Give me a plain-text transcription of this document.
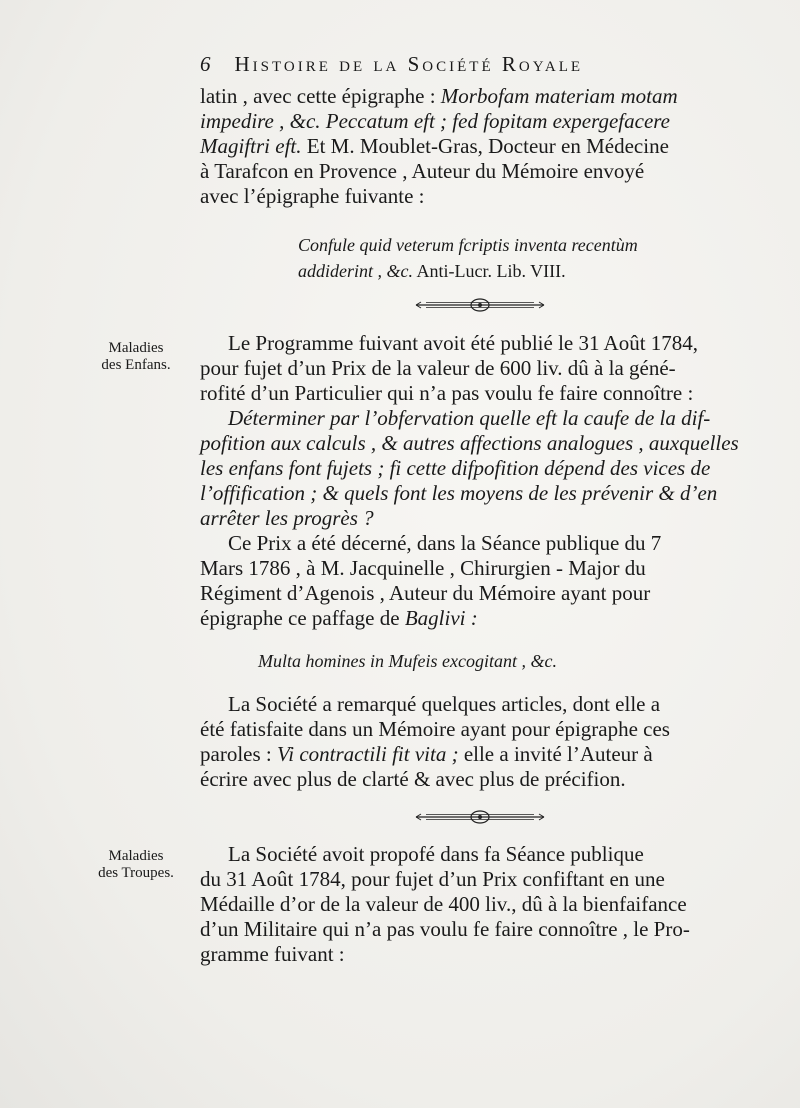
6 Histoire de la Société Royale
latin , avec cette épigraphe : Morbofam materiam motam
impedire , &c. Peccatum eft ; fed fopitam expergefacere
Magiftri eft. Et M. Moublet-Gras, Docteur en Médecine
à Tarafcon en Provence , Auteur du Mémoire envoyé
avec l’épigraphe fuivante :
Confule quid veterum fcriptis inventa recentùm
addiderint , &c. Anti-Lucr. Lib. VIII.
Maladies
des Enfans.
Le Programme fuivant avoit été publié le 31 Août 1784,
pour fujet d’un Prix de la valeur de 600 liv. dû à la géné-
rofité d’un Particulier qui n’a pas voulu fe faire connoître :
Déterminer par l’obfervation quelle eft la caufe de la dif-
pofition aux calculs , & autres affections analogues , auxquelles
les enfans font fujets ; fi cette difpofition dépend des vices de
l’offification ; & quels font les moyens de les prévenir & d’en
arrêter les progrès ?
Ce Prix a été décerné, dans la Séance publique du 7
Mars 1786 , à M. Jacquinelle , Chirurgien - Major du
Régiment d’Agenois , Auteur du Mémoire ayant pour
épigraphe ce paffage de Baglivi :
Multa homines in Mufeis excogitant , &c.
La Société a remarqué quelques articles, dont elle a
été fatisfaite dans un Mémoire ayant pour épigraphe ces
paroles : Vi contractili fit vita ; elle a invité l’Auteur à
écrire avec plus de clarté & avec plus de précifion.
Maladies
des Troupes.
La Société avoit propofé dans fa Séance publique
du 31 Août 1784, pour fujet d’un Prix confiftant en une
Médaille d’or de la valeur de 400 liv., dû à la bienfaifance
d’un Militaire qui n’a pas voulu fe faire connoître , le Pro-
gramme fuivant :
